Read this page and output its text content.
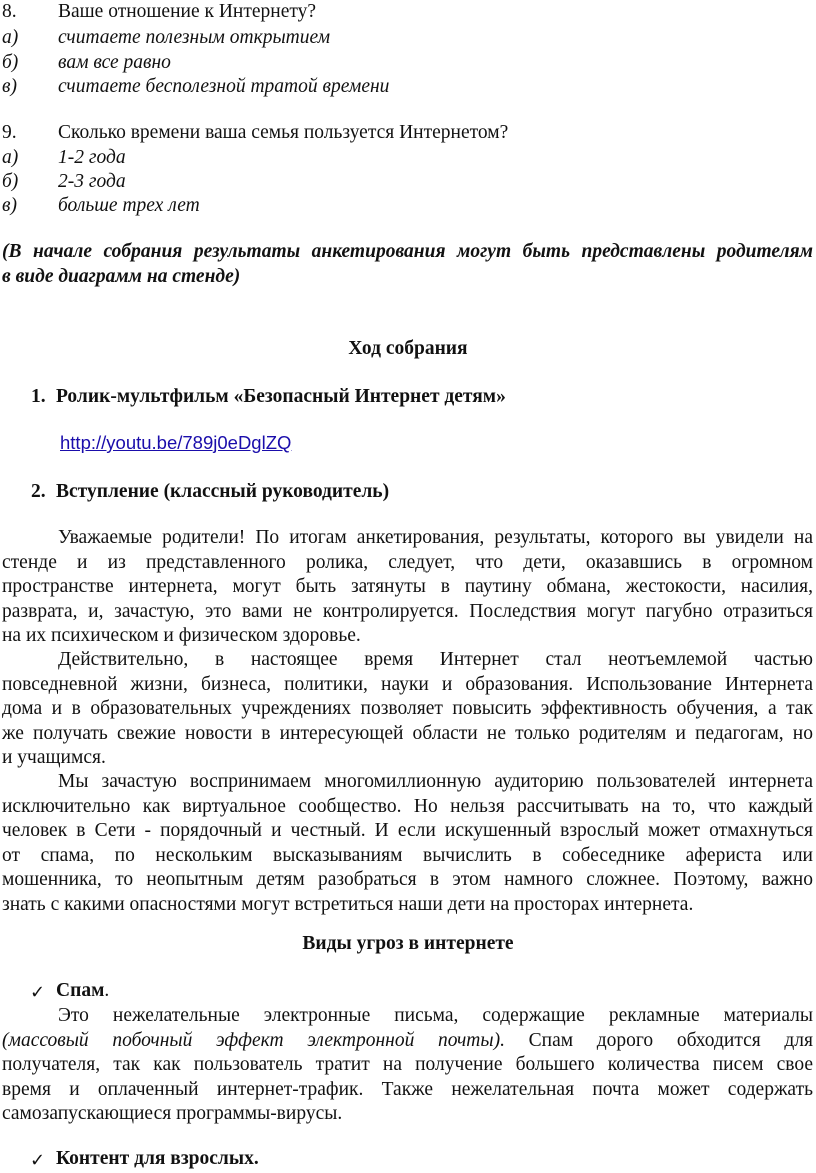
8. Ваше отношение к Интернету?
а) считаете полезным открытием
б) вам все равно
в) считаете бесполезной тратой времени
9. Сколько времени ваша семья пользуется Интернетом?
а) 1-2 года
б) 2-3 года
в) больше трех лет
(В начале собрания результаты анкетирования могут быть представлены родителям
в виде диаграмм на стенде)
Ход собрания
1. Ролик-мультфильм «Безопасный Интернет детям»
http://youtu.be/789j0eDglZQ
2. Вступление (классный руководитель)
Уважаемые родители! По итогам анкетирования, результаты, которого вы увидели на
стенде и из представленного ролика, следует, что дети, оказавшись в огромном
пространстве интернета, могут быть затянуты в паутину обмана, жестокости, насилия,
разврата, и, зачастую, это вами не контролируется. Последствия могут пагубно отразиться
на их психическом и физическом здоровье.
Действительно, в настоящее время Интернет стал неотъемлемой частью
повседневной жизни, бизнеса, политики, науки и образования. Использование Интернета
дома и в образовательных учреждениях позволяет повысить эффективность обучения, а так
же получать свежие новости в интересующей области не только родителям и педагогам, но
и учащимся.
Мы зачастую воспринимаем многомиллионную аудиторию пользователей интернета
исключительно как виртуальное сообщество. Но нельзя рассчитывать на то, что каждый
человек в Сети - порядочный и честный. И если искушенный взрослый может отмахнуться
от спама, по нескольким высказываниям вычислить в собеседнике афериста или
мошенника, то неопытным детям разобраться в этом намного сложнее. Поэтому, важно
знать с какими опасностями могут встретиться наши дети на просторах интернета.
Виды угроз в интернете
✓ Спам.
Это нежелательные электронные письма, содержащие рекламные материалы
(массовый побочный эффект электронной почты). Спам дорого обходится для
получателя, так как пользователь тратит на получение большего количества писем свое
время и оплаченный интернет-трафик. Также нежелательная почта может содержать
самозапускающиеся программы-вирусы.
✓ Контент для взрослых.
